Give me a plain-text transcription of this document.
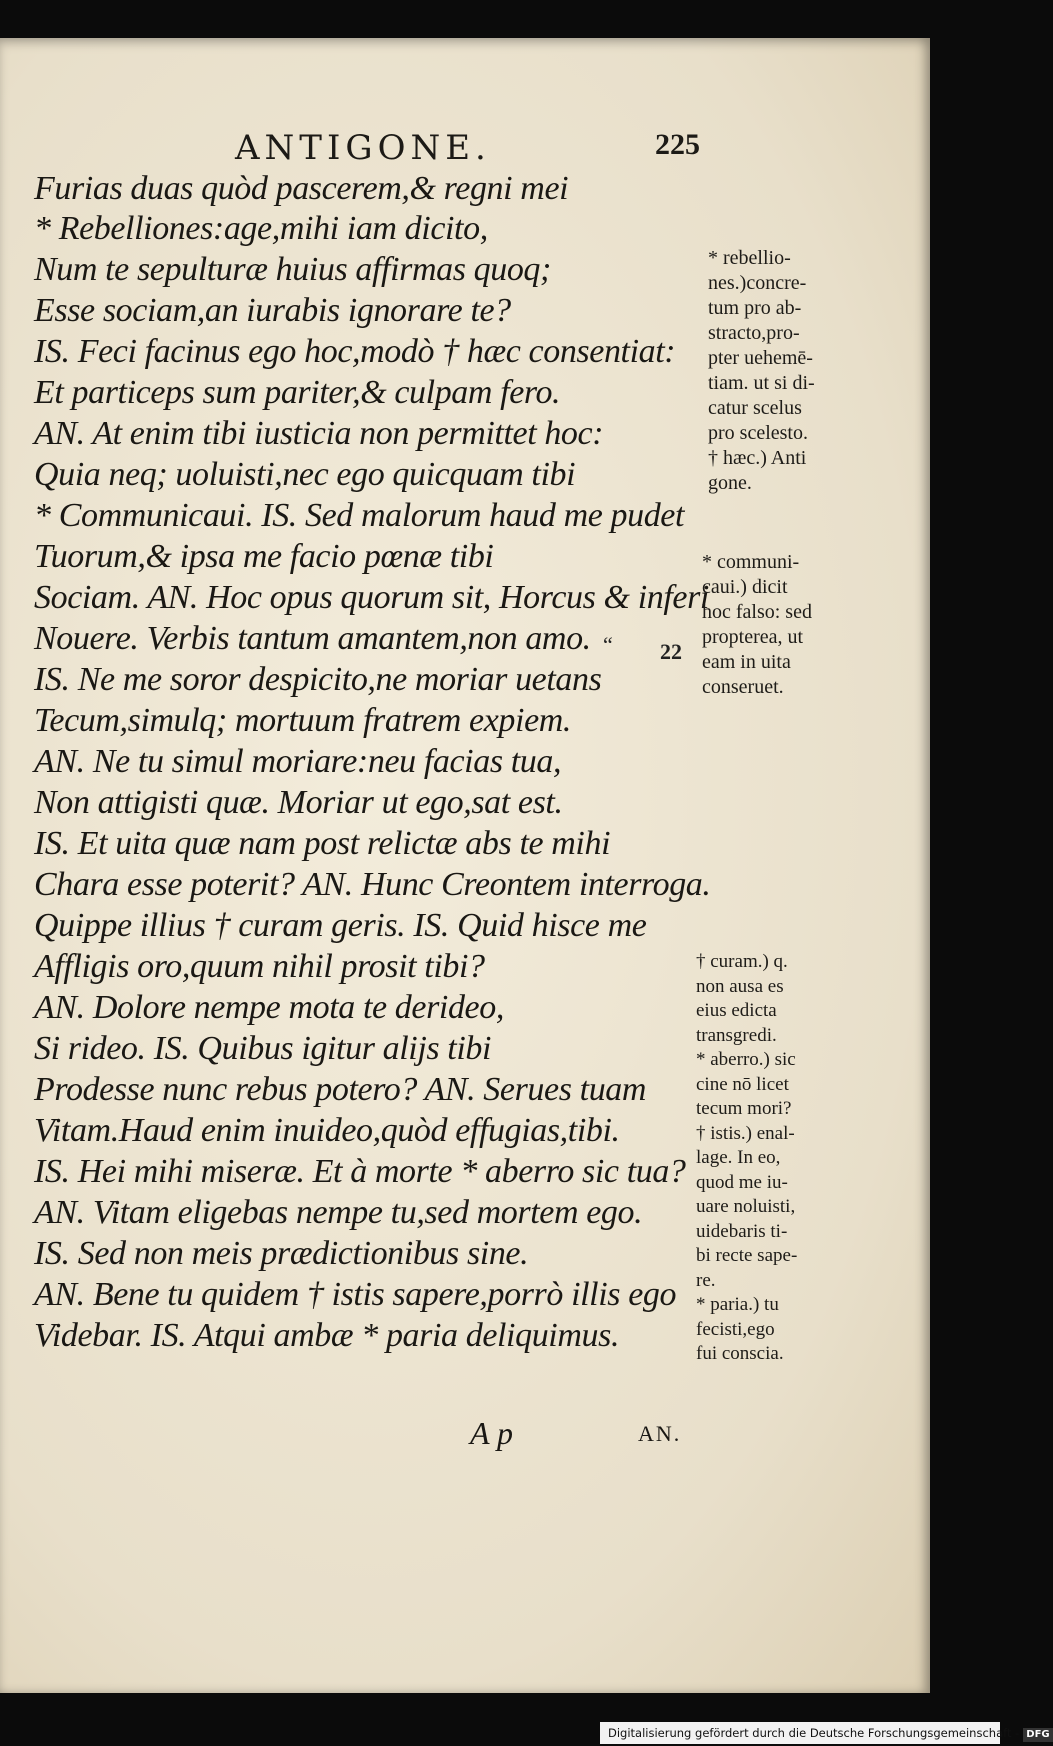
ANTIGONE.	225
Furias duas quòd pascerem,& regni mei
* Rebelliones:age,mihi iam dicito,
Num te sepulturæ huius affirmas quoq;
Esse sociam,an iurabis ignorare te?
IS. Feci facinus ego hoc,modò † hæc consentiat:
Et particeps sum pariter,& culpam fero.
AN. At enim tibi iusticia non permittet hoc:
Quia neq; uoluisti,nec ego quicquam tibi
* Communicaui. IS. Sed malorum haud me pudet
Tuorum,& ipsa me facio pœnæ tibi
Sociam. AN. Hoc opus quorum sit, Horcus & inferi
Nouere. Verbis tantum amantem,non amo.
IS. Ne me soror despicito,ne moriar uetans
Tecum,simulq; mortuum fratrem expiem.
AN. Ne tu simul moriare:neu facias tua,
Non attigisti quæ. Moriar ut ego,sat est.
IS. Et uita quæ nam post relictæ abs te mihi
Chara esse poterit? AN. Hunc Creontem interroga.
Quippe illius † curam geris. IS. Quid hisce me
Affligis oro,quum nihil prosit tibi?
AN. Dolore nempe mota te derideo,
Si rideo. IS. Quibus igitur alijs tibi
Prodesse nunc rebus potero? AN. Serues tuam
Vitam.Haud enim inuideo,quòd effugias,tibi.
IS. Hei mihi miseræ. Et à morte * aberro sic tua?
AN. Vitam eligebas nempe tu,sed mortem ego.
IS. Sed non meis prædictionibus sine.
AN. Bene tu quidem † istis sapere,porrò illis ego
Videbar. IS. Atqui ambæ * paria deliquimus.
“ 22
* rebellio-
nes.)concre-
tum pro ab-
stracto,pro-
pter uehemē-
tiam. ut si di-
catur scelus
pro scelesto.
† hæc.) Anti
gone.
* communi-
caui.) dicit
hoc falso: sed
propterea, ut
eam in uita
conseruet.
† curam.) q.
non ausa es
eius edicta
transgredi.
* aberro.) sic
cine nō licet
tecum mori?
† istis.) enal-
lage. In eo,
quod me iu-
uare noluisti,
uidebaris ti-
bi recte sape-
re.
* paria.) tu
fecisti,ego
fui conscia.
A p	AN.
Digitalisierung gefördert durch die Deutsche Forschungsgemeinschaft - DFG
